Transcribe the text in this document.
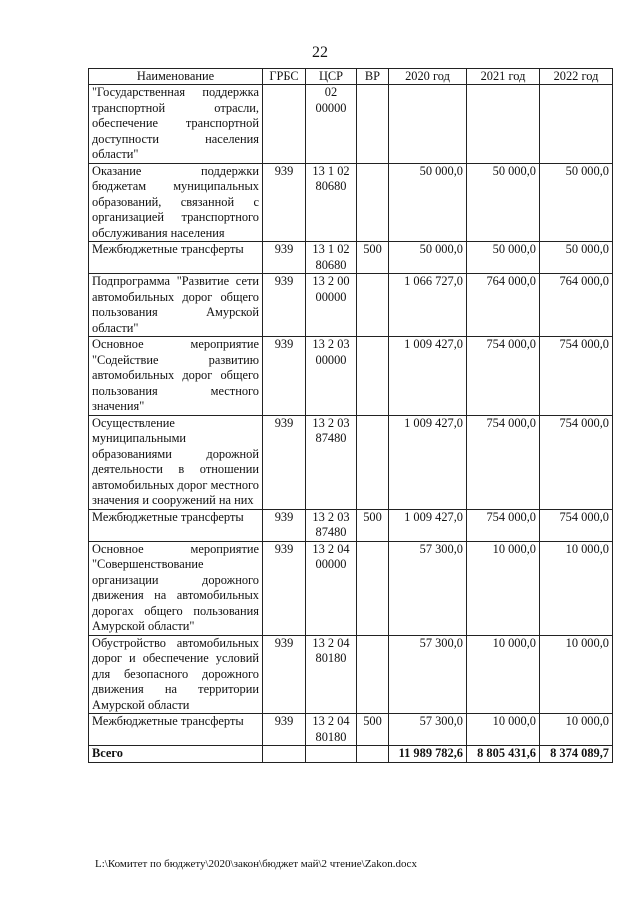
22
Наименование	ГРБС	ЦСР	ВР	2020 год	2021 год	2022 год
"Государственная поддержка транспортной отрасли, обеспечение транспортной доступности населения области"		02 00000				
Оказание поддержки бюджетам муниципальных образований, связанной с организацией транспортного обслуживания населения	939	13 1 02 80680		50 000,0	50 000,0	50 000,0
Межбюджетные трансферты	939	13 1 02 80680	500	50 000,0	50 000,0	50 000,0
Подпрограмма "Развитие сети автомобильных дорог общего пользования Амурской области"	939	13 2 00 00000		1 066 727,0	764 000,0	764 000,0
Основное мероприятие "Содействие развитию автомобильных дорог общего пользования местного значения"	939	13 2 03 00000		1 009 427,0	754 000,0	754 000,0
Осуществление муниципальными образованиями дорожной деятельности в отношении автомобильных дорог местного значения и сооружений на них	939	13 2 03 87480		1 009 427,0	754 000,0	754 000,0
Межбюджетные трансферты	939	13 2 03 87480	500	1 009 427,0	754 000,0	754 000,0
Основное мероприятие "Совершенствование организации дорожного движения на автомобильных дорогах общего пользования Амурской области"	939	13 2 04 00000		57 300,0	10 000,0	10 000,0
Обустройство автомобильных дорог и обеспечение условий для безопасного дорожного движения на территории Амурской области	939	13 2 04 80180		57 300,0	10 000,0	10 000,0
Межбюджетные трансферты	939	13 2 04 80180	500	57 300,0	10 000,0	10 000,0
Всего				11 989 782,6	8 805 431,6	8 374 089,7
L:\Комитет по бюджету\2020\закон\бюджет май\2 чтение\Zakon.docx
